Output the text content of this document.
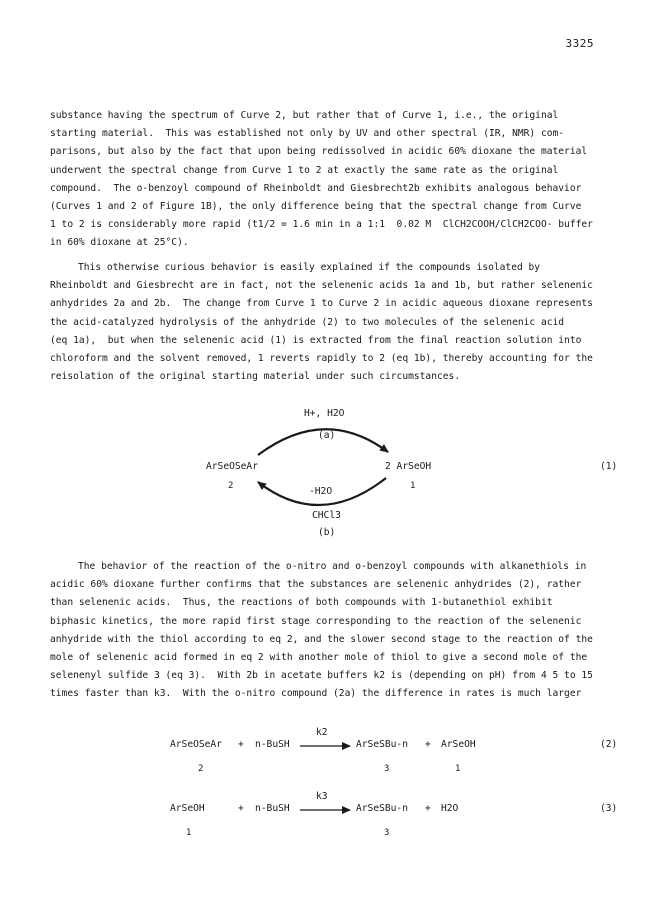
3325
substance having the spectrum of Curve 2, but rather that of Curve 1, i.e., the original
starting material.  This was established not only by UV and other spectral (IR, NMR) com-
parisons, but also by the fact that upon being redissolved in acidic 60% dioxane the material
underwent the spectral change from Curve 1 to 2 at exactly the same rate as the original
compound.  The o-benzoyl compound of Rheinboldt and Giesbrecht2b exhibits analogous behavior
(Curves 1 and 2 of Figure 1B), the only difference being that the spectral change from Curve
1 to 2 is considerably more rapid (t1/2 = 1.6 min in a 1:1  0.02 M  ClCH2COOH/ClCH2COO- buffer
in 60% dioxane at 25°C).
This otherwise curious behavior is easily explained if the compounds isolated by
Rheinboldt and Giesbrecht are in fact, not the selenenic acids 1a and 1b, but rather selenenic
anhydrides 2a and 2b.  The change from Curve 1 to Curve 2 in acidic aqueous dioxane represents
the acid-catalyzed hydrolysis of the anhydride (2) to two molecules of the selenenic acid
(eq 1a),  but when the selenenic acid (1) is extracted from the final reaction solution into
chloroform and the solvent removed, 1 reverts rapidly to 2 (eq 1b), thereby accounting for the
reisolation of the original starting material under such circumstances.
H+, H2O
(a)
ArSeOSeAr
2
2 ArSeOH
1
-H2O
CHCl3
(b)
(1)
The behavior of the reaction of the o-nitro and o-benzoyl compounds with alkanethiols in
acidic 60% dioxane further confirms that the substances are selenenic anhydrides (2), rather
than selenenic acids.  Thus, the reactions of both compounds with 1-butanethiol exhibit
biphasic kinetics, the more rapid first stage corresponding to the reaction of the selenenic
anhydride with the thiol according to eq 2, and the slower second stage to the reaction of the
mole of selenenic acid formed in eq 2 with another mole of thiol to give a second mole of the
selenenyl sulfide 3 (eq 3).  With 2b in acetate buffers k2 is (depending on pH) from 4 5 to 15
times faster than k3.  With the o-nitro compound (2a) the difference in rates is much larger
ArSeOSeAr + n-BuSH
k2
ArSeSBu-n + ArSeOH
2	3	1
(2)
ArSeOH	+ n-BuSH
k3
ArSeSBu-n + H2O
1	3
(3)
